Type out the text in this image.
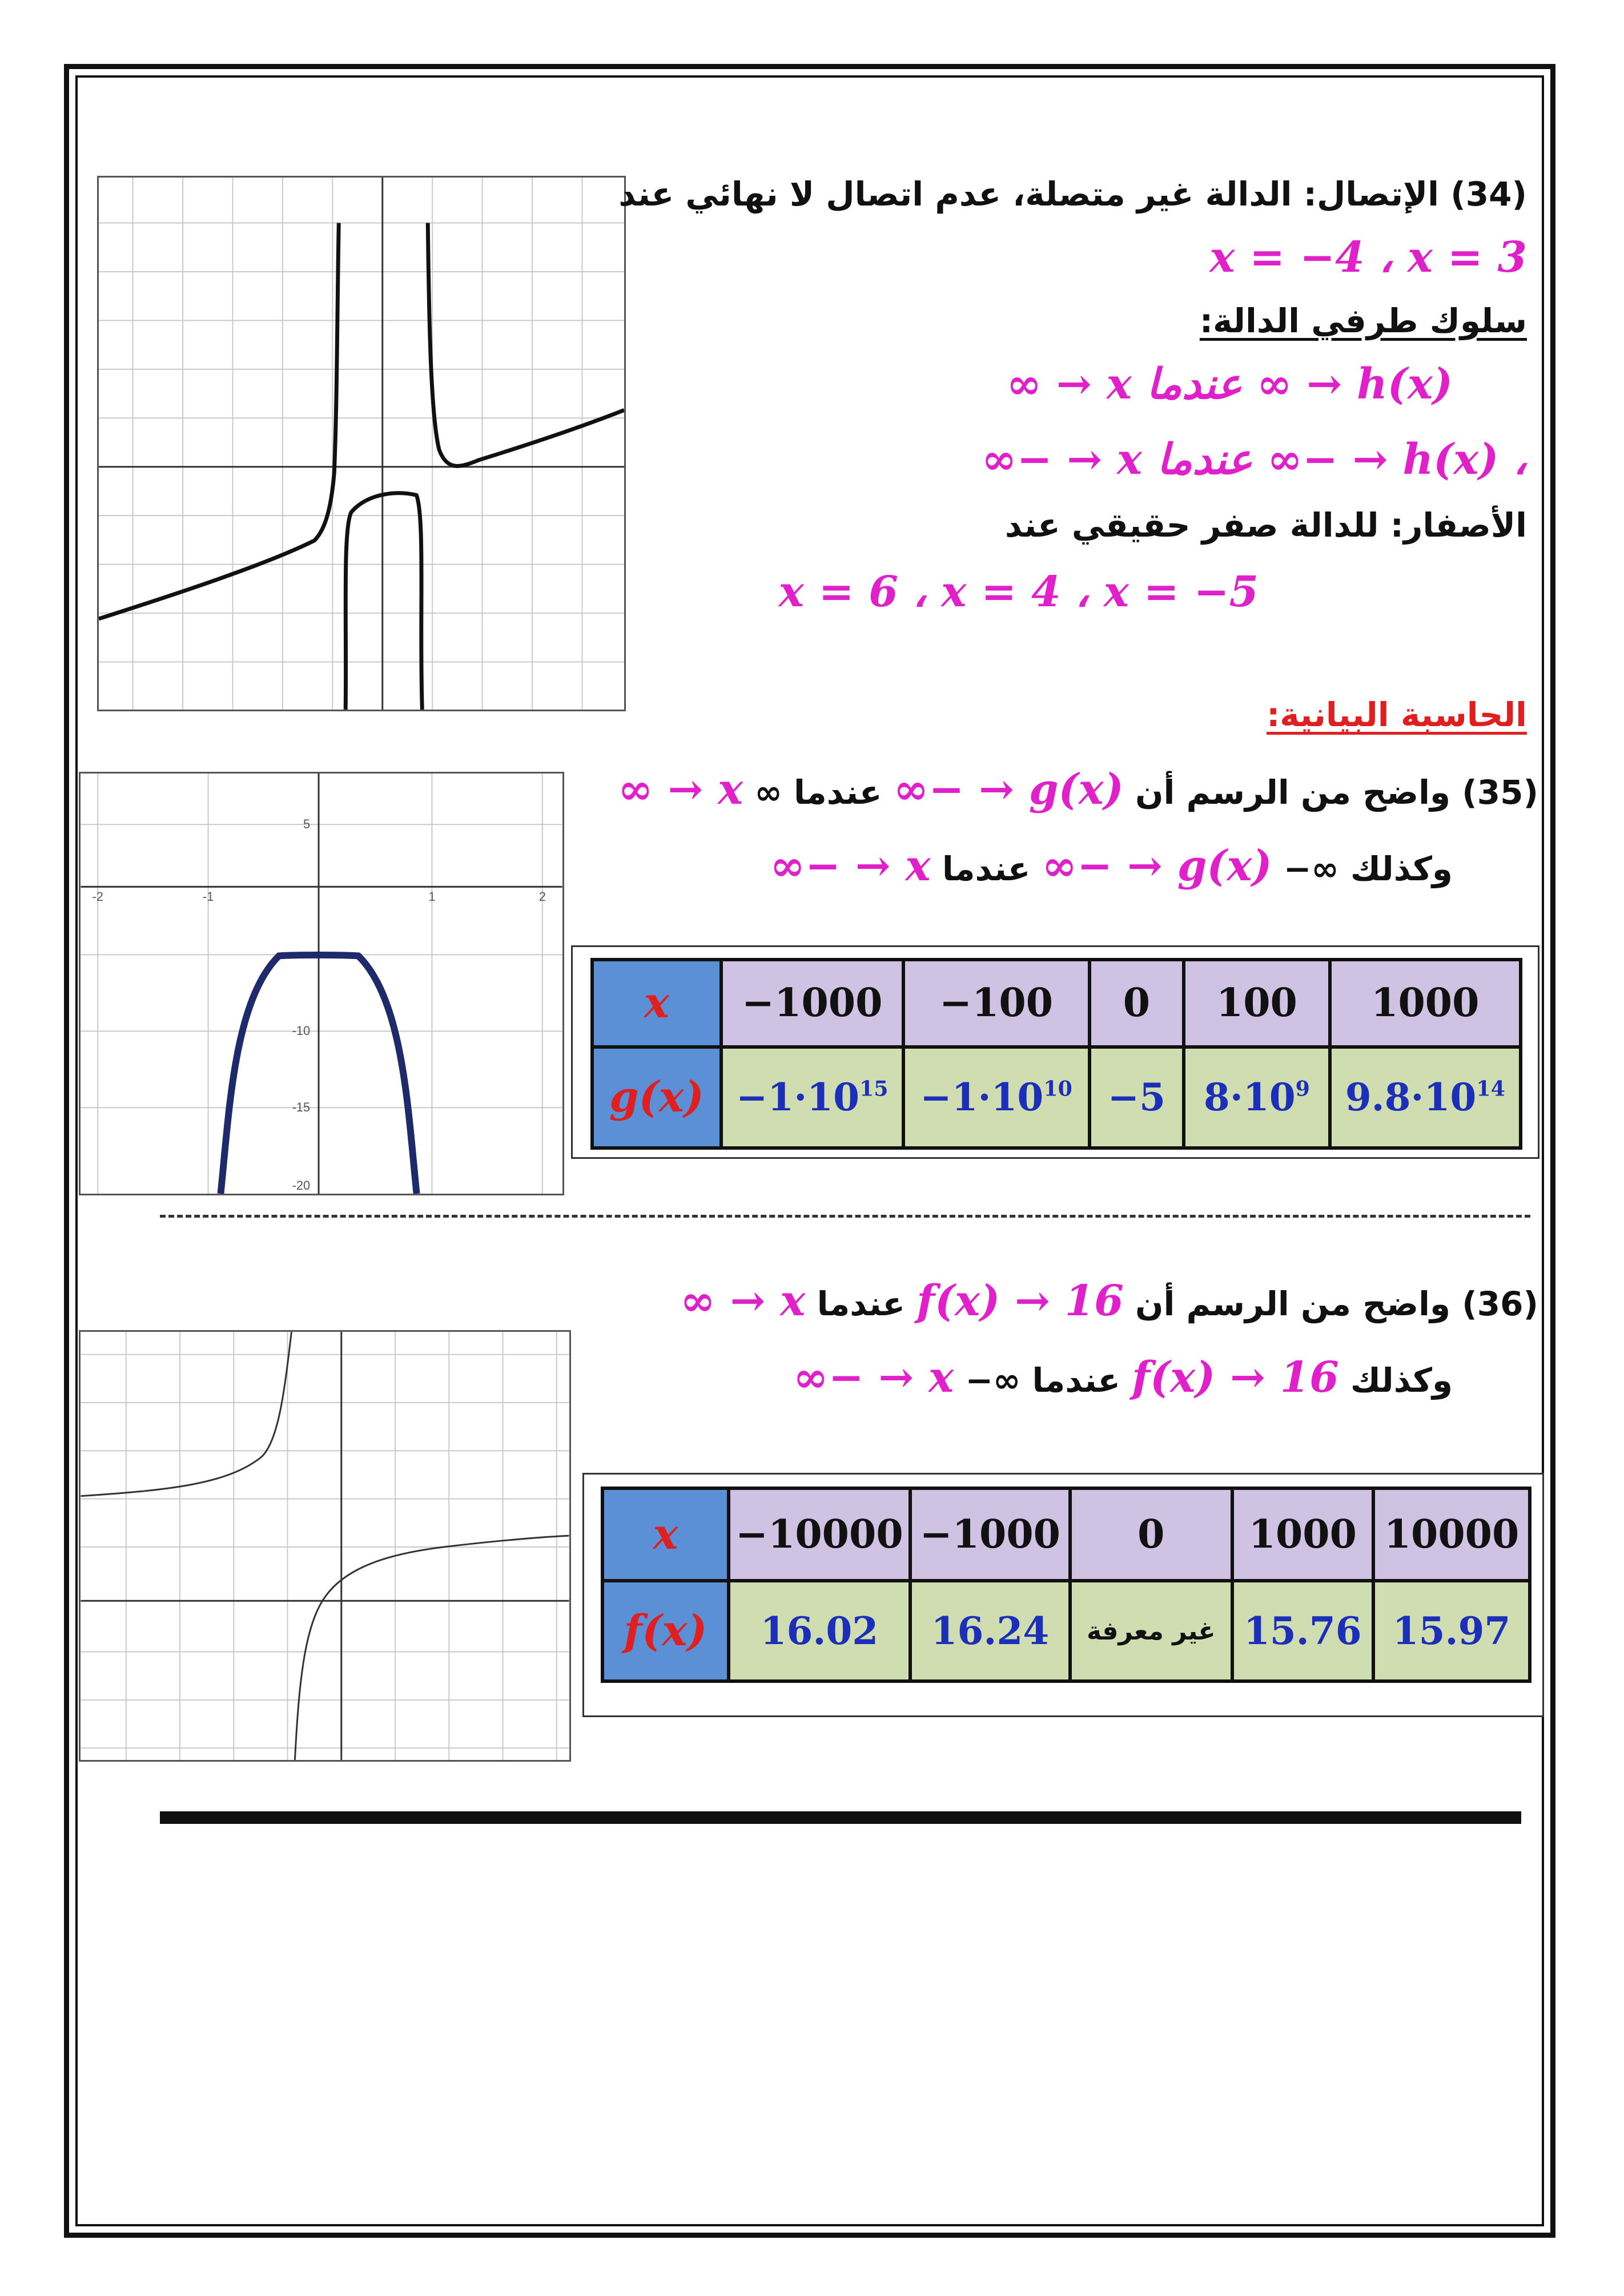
(34) الإتصال: الدالة غير متصلة، عدم اتصال لا نهائي عند
x = −4 ، x = 3
سلوك طرفي الدالة:
h(x) → ∞ عندما x → ∞
، h(x) → −∞ عندما x → −∞
الأصفار: للدالة صفر حقيقي عند
x = 6 ، x = 4 ، x = −5
الحاسبة البيانية:
-2	-1	1	2
5
-10
-15
-20
(35) واضح من الرسم أن g(x) → −∞ عندما ∞ x → ∞
وكذلك ∞− g(x) → −∞ عندما x → −∞
x	−1000	−100	0	100	1000
g(x)	$-1\cdot 10^{15}$	$-1\cdot 10^{10}$	−5	$8\cdot 10^9$	$9.8\cdot 10^{14}$
(36) واضح من الرسم أن f(x) → 16 عندما x → ∞
وكذلك f(x) → 16 عندما ∞− x → −∞
x	−10000	−1000	0	1000	10000
f(x)	16.02	16.24	غير معرفة	15.76	15.97
